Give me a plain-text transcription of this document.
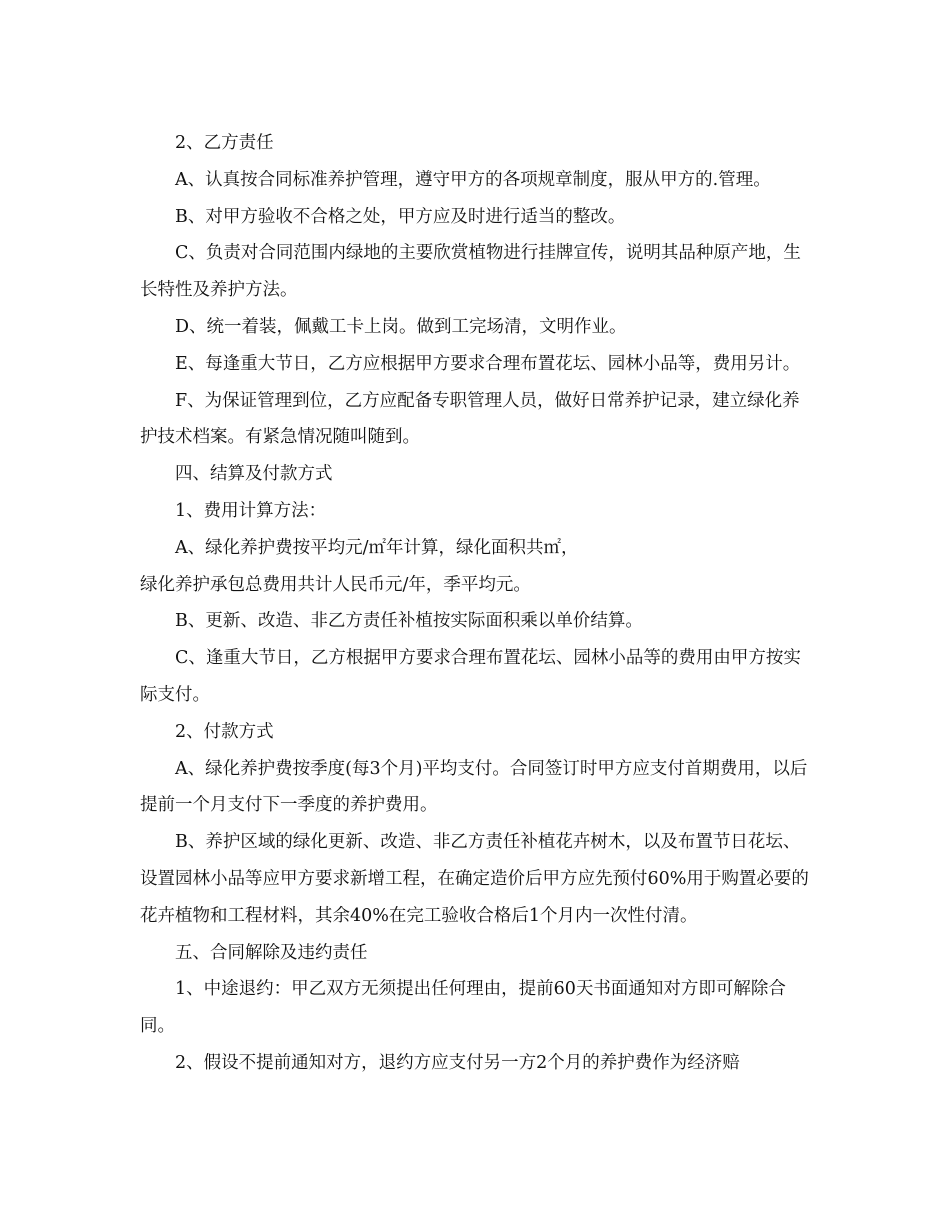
2、乙方责任

A、认真按合同标准养护管理，遵守甲方的各项规章制度，服从甲方的.管理。

B、对甲方验收不合格之处，甲方应及时进行适当的整改。

C、负责对合同范围内绿地的主要欣赏植物进行挂牌宣传，说明其品种原产地，生长特性及养护方法。

D、统一着装，佩戴工卡上岗。做到工完场清，文明作业。

E、每逢重大节日，乙方应根据甲方要求合理布置花坛、园林小品等，费用另计。

F、为保证管理到位，乙方应配备专职管理人员，做好日常养护记录，建立绿化养护技术档案。有紧急情况随叫随到。

四、结算及付款方式

1、费用计算方法：

A、绿化养护费按平均元/㎡年计算，绿化面积共㎡，

绿化养护承包总费用共计人民币元/年，季平均元。

B、更新、改造、非乙方责任补植按实际面积乘以单价结算。

C、逢重大节日，乙方根据甲方要求合理布置花坛、园林小品等的费用由甲方按实际支付。

2、付款方式

A、绿化养护费按季度(每3个月)平均支付。合同签订时甲方应支付首期费用，以后提前一个月支付下一季度的养护费用。

B、养护区域的绿化更新、改造、非乙方责任补植花卉树木，以及布置节日花坛、设置园林小品等应甲方要求新增工程，在确定造价后甲方应先预付60%用于购置必要的花卉植物和工程材料，其余40%在完工验收合格后1个月内一次性付清。

五、合同解除及违约责任

1、中途退约：甲乙双方无须提出任何理由，提前60天书面通知对方即可解除合同。

2、假设不提前通知对方，退约方应支付另一方2个月的养护费作为经济赔
